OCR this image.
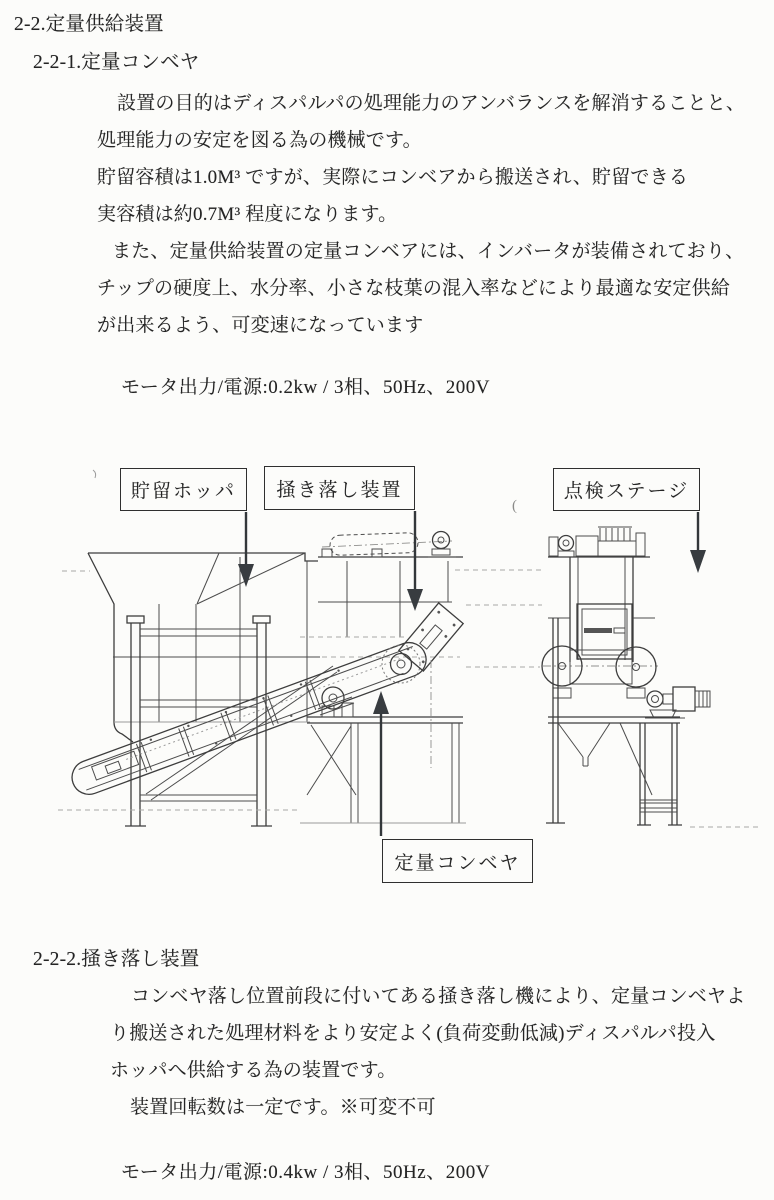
2-2.定量供給装置
2-2-1.定量コンベヤ
設置の目的はディスパルパの処理能力のアンバランスを解消することと、
処理能力の安定を図る為の機械です。
貯留容積は1.0M³ ですが、実際にコンベアから搬送され、貯留できる
実容積は約0.7M³ 程度になります。
また、定量供給装置の定量コンベアには、インバータが装備されており、
チップの硬度上、水分率、小さな枝葉の混入率などにより最適な安定供給
が出来るよう、可変速になっています
モータ出力/電源:0.2kw / 3相、50Hz、200V
(
貯留ホッパ	掻き落し装置	点検ステージ
定量コンベヤ
2-2-2.掻き落し装置
コンベヤ落し位置前段に付いてある掻き落し機により、定量コンベヤよ
り搬送された処理材料をより安定よく(負荷変動低減)ディスパルパ投入
ホッパへ供給する為の装置です。
装置回転数は一定です。※可変不可
モータ出力/電源:0.4kw / 3相、50Hz、200V
